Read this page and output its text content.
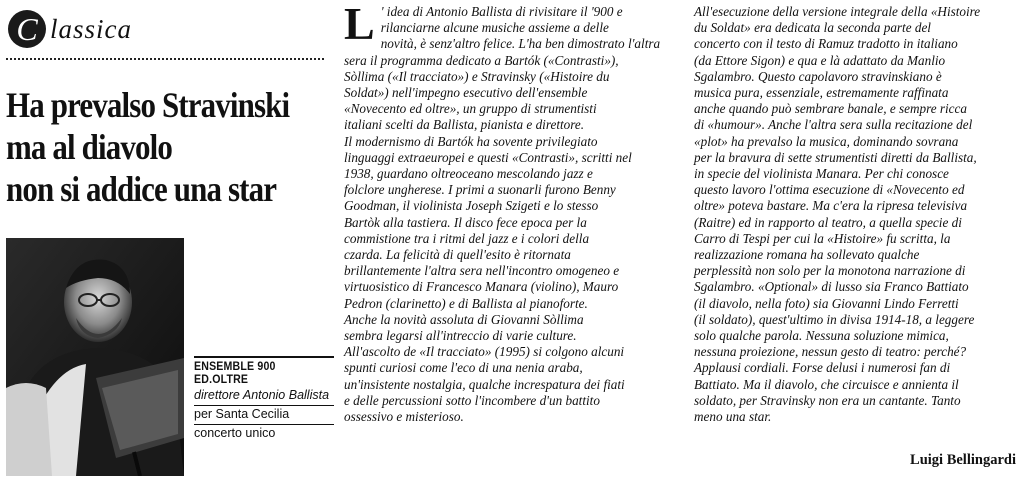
C lassica
Ha prevalso Stravinski
ma al diavolo
non si addice una star
ENSEMBLE 900
ED.OLTRE
direttore Antonio Ballista
per Santa Cecilia
concerto unico
L ' idea di Antonio Ballista di rivisitare il '900 e
rilanciarne alcune musiche assieme a delle
novità, è senz'altro felice. L'ha ben dimostrato l'altra
sera il programma dedicato a Bartók («Contrasti»),
Sòllima («Il tracciato») e Stravinsky («Histoire du
Soldat») nell'impegno esecutivo dell'ensemble
«Novecento ed oltre», un gruppo di strumentisti
italiani scelti da Ballista, pianista e direttore.
Il modernismo di Bartók ha sovente privilegiato
linguaggi extraeuropei e questi «Contrasti», scritti nel
1938, guardano oltreoceano mescolando jazz e
folclore ungherese. I primi a suonarli furono Benny
Goodman, il violinista Joseph Szigeti e lo stesso
Bartòk alla tastiera. Il disco fece epoca per la
commistione tra i ritmi del jazz e i colori della
czarda. La felicità di quell'esito è ritornata
brillantemente l'altra sera nell'incontro omogeneo e
virtuosistico di Francesco Manara (violino), Mauro
Pedron (clarinetto) e di Ballista al pianoforte.
Anche la novità assoluta di Giovanni Sòllima
sembra legarsi all'intreccio di varie culture.
All'ascolto de «Il tracciato» (1995) si colgono alcuni
spunti curiosi come l'eco di una nenia araba,
un'insistente nostalgia, qualche increspatura dei fiati
e delle percussioni sotto l'incombere d'un battito
ossessivo e misterioso.
All'esecuzione della versione integrale della «Histoire
du Soldat» era dedicata la seconda parte del
concerto con il testo di Ramuz tradotto in italiano
(da Ettore Sigon) e qua e là adattato da Manlio
Sgalambro. Questo capolavoro stravinskiano è
musica pura, essenziale, estremamente raffinata
anche quando può sembrare banale, e sempre ricca
di «humour». Anche l'altra sera sulla recitazione del
«plot» ha prevalso la musica, dominando sovrana
per la bravura di sette strumentisti diretti da Ballista,
in specie del violinista Manara. Per chi conosce
questo lavoro l'ottima esecuzione di «Novecento ed
oltre» poteva bastare. Ma c'era la ripresa televisiva
(Raitre) ed in rapporto al teatro, a quella specie di
Carro di Tespi per cui la «Histoire» fu scritta, la
realizzazione romana ha sollevato qualche
perplessità non solo per la monotona narrazione di
Sgalambro. «Optional» di lusso sia Franco Battiato
(il diavolo, nella foto) sia Giovanni Lindo Ferretti
(il soldato), quest'ultimo in divisa 1914-18, a leggere
solo qualche parola. Nessuna soluzione mimica,
nessuna proiezione, nessun gesto di teatro: perché?
Applausi cordiali. Forse delusi i numerosi fan di
Battiato. Ma il diavolo, che circuisce e annienta il
soldato, per Stravinsky non era un cantante. Tanto
meno una star.
Luigi Bellingardi
